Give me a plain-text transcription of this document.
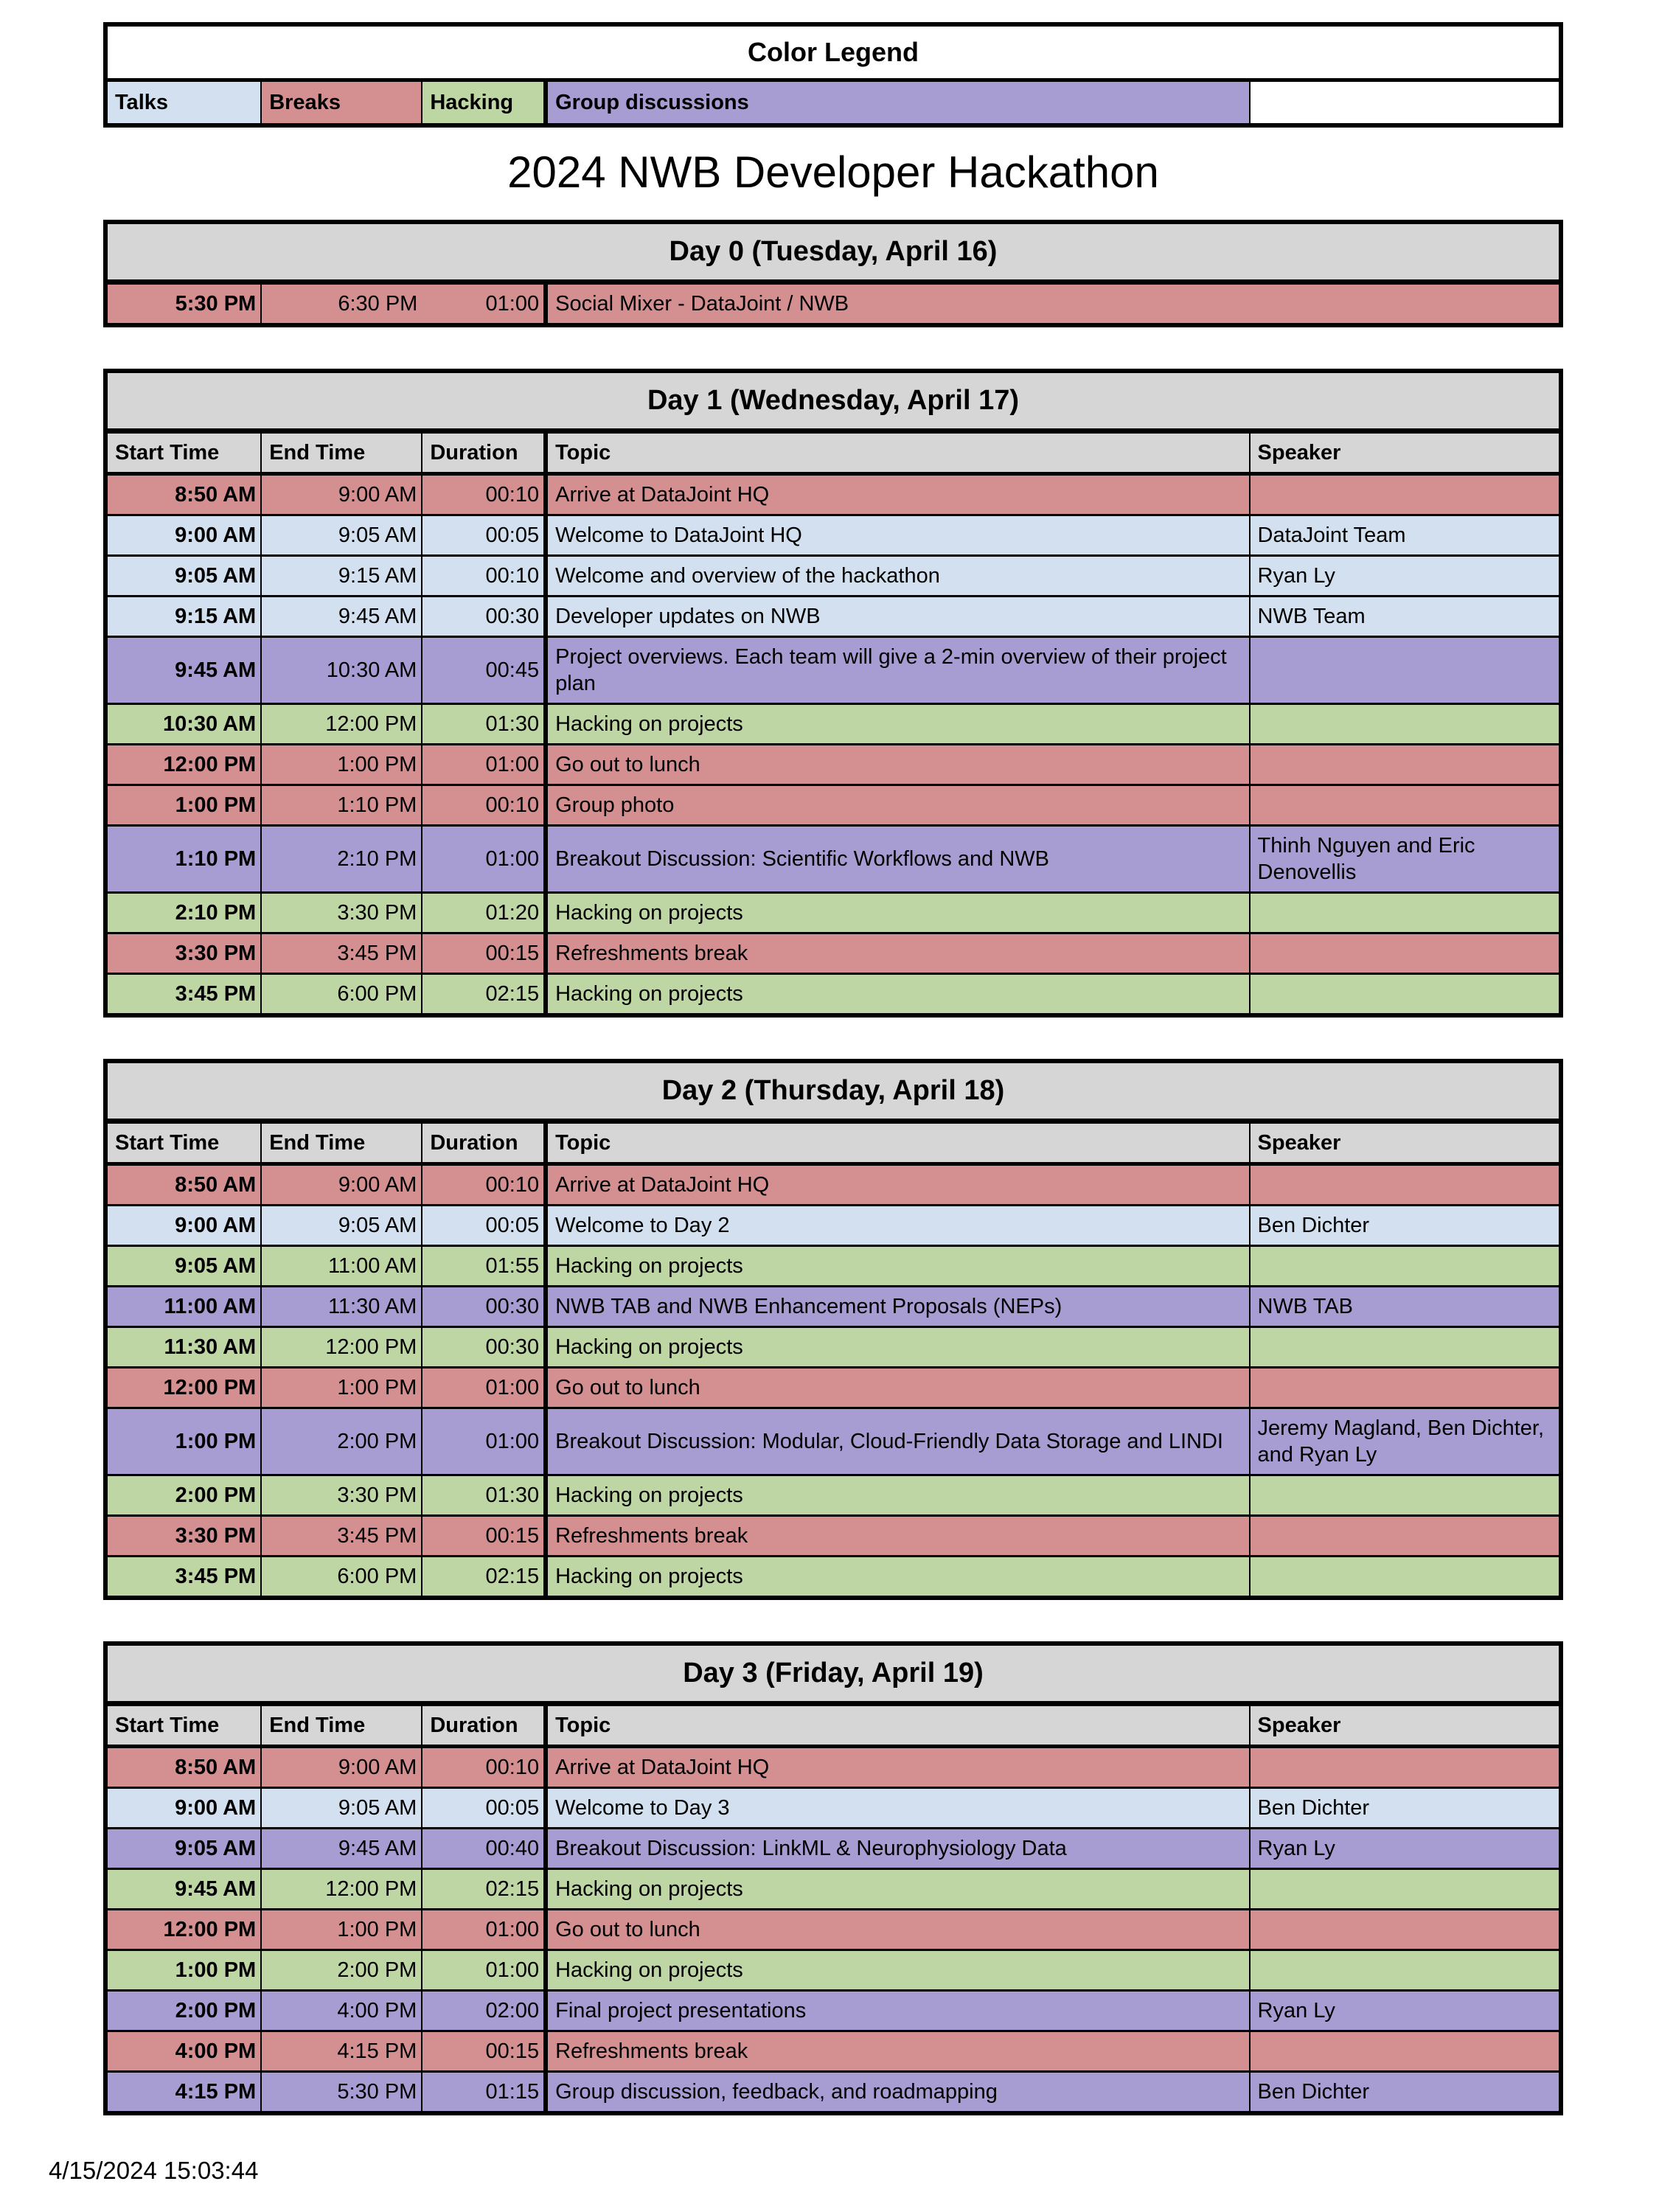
Color Legend
Talks	Breaks	Hacking	Group discussions	
2024 NWB Developer Hackathon
Day 0 (Tuesday, April 16)
5:30 PM	6:30 PM	01:00	Social Mixer - DataJoint / NWB
Day 1 (Wednesday, April 17)				
Start Time	End Time	Duration	Topic	Speaker
8:50 AM	9:00 AM	00:10	Arrive at DataJoint HQ	
9:00 AM	9:05 AM	00:05	Welcome to DataJoint HQ	DataJoint Team
9:05 AM	9:15 AM	00:10	Welcome and overview of the hackathon	Ryan Ly
9:15 AM	9:45 AM	00:30	Developer updates on NWB	NWB Team
9:45 AM	10:30 AM	00:45	Project overviews. Each team will give a 2-min overview of their project plan	
10:30 AM	12:00 PM	01:30	Hacking on projects	
12:00 PM	1:00 PM	01:00	Go out to lunch	
1:00 PM	1:10 PM	00:10	Group photo	
1:10 PM	2:10 PM	01:00	Breakout Discussion: Scientific Workflows and NWB	Thinh Nguyen and Eric Denovellis
2:10 PM	3:30 PM	01:20	Hacking on projects	
3:30 PM	3:45 PM	00:15	Refreshments break	
3:45 PM	6:00 PM	02:15	Hacking on projects	
Day 2 (Thursday, April 18)				
Start Time	End Time	Duration	Topic	Speaker
8:50 AM	9:00 AM	00:10	Arrive at DataJoint HQ	
9:00 AM	9:05 AM	00:05	Welcome to Day 2	Ben Dichter
9:05 AM	11:00 AM	01:55	Hacking on projects	
11:00 AM	11:30 AM	00:30	NWB TAB and NWB Enhancement Proposals (NEPs)	NWB TAB
11:30 AM	12:00 PM	00:30	Hacking on projects	
12:00 PM	1:00 PM	01:00	Go out to lunch	
1:00 PM	2:00 PM	01:00	Breakout Discussion: Modular, Cloud-Friendly Data Storage and LINDI	Jeremy Magland, Ben Dichter, and Ryan Ly
2:00 PM	3:30 PM	01:30	Hacking on projects	
3:30 PM	3:45 PM	00:15	Refreshments break	
3:45 PM	6:00 PM	02:15	Hacking on projects	
Day 3 (Friday, April 19)				
Start Time	End Time	Duration	Topic	Speaker
8:50 AM	9:00 AM	00:10	Arrive at DataJoint HQ	
9:00 AM	9:05 AM	00:05	Welcome to Day 3	Ben Dichter
9:05 AM	9:45 AM	00:40	Breakout Discussion: LinkML & Neurophysiology Data	Ryan Ly
9:45 AM	12:00 PM	02:15	Hacking on projects	
12:00 PM	1:00 PM	01:00	Go out to lunch	
1:00 PM	2:00 PM	01:00	Hacking on projects	
2:00 PM	4:00 PM	02:00	Final project presentations	Ryan Ly
4:00 PM	4:15 PM	00:15	Refreshments break	
4:15 PM	5:30 PM	01:15	Group discussion, feedback, and roadmapping	Ben Dichter
4/15/2024 15:03:44
